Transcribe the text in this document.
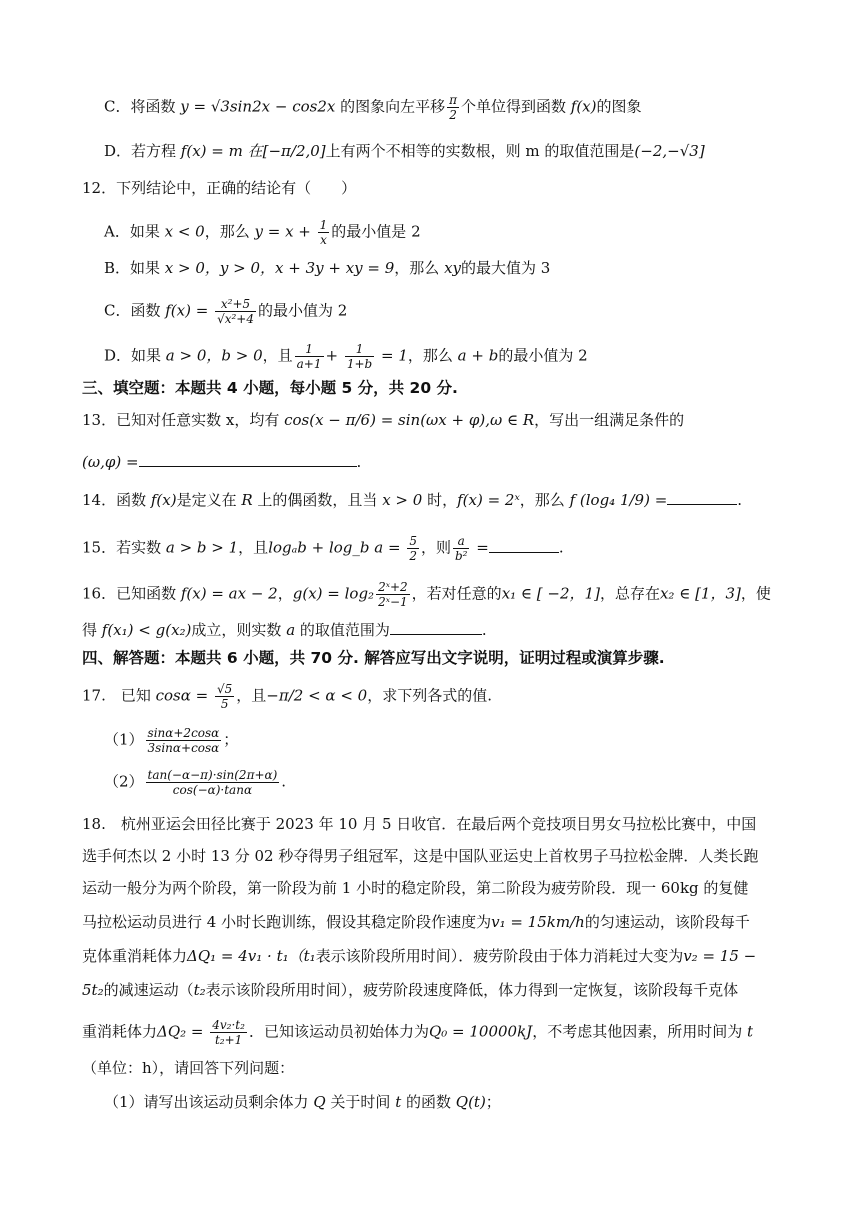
C．将函数 y = √3sin2x − cos2x 的图象向左平移 $\frac{\pi}{2}$ 个单位得到函数 f(x)的图象
D．若方程 f(x) = m 在[−π/2,0]上有两个不相等的实数根，则 m 的取值范围是(−2,−√3]
12．下列结论中，正确的结论有（　　）
A．如果 x < 0，那么 $y = x + \frac{1}{x}$ 的最小值是 2
B．如果 x > 0，y > 0，x + 3y + xy = 9，那么 xy的最大值为 3
C．函数 $f(x) = \frac{\text{x²+5}}{\text{√x²+4}}$ 的最小值为 2
D．如果 a > 0，b > 0，且 $\frac{1}{a+1} + \frac{1}{1+b} = 1$，那么 a + b的最小值为 2
三、填空题：本题共 4 小题，每小题 5 分，共 20 分.
13．已知对任意实数 x，均有 cos(x − π/6) = sin(ωx + φ),ω ∈ R，写出一组满足条件的
(ω,φ) =	.
14．函数 f(x)是定义在 R 上的偶函数，且当 x > 0 时，f(x) = 2ˣ，那么 f (log₄ 1/9) =	.
15．若实数 a > b > 1，且logₐb + log_b $a = \frac{5}{2}$ ，则 $\frac{a}{\text{b²}}$ =	.
16．已知函数 f(x) = ax − 2，$g(x) = \log_2 \frac{\text{2ˣ+2}}{\text{2ˣ−1}}$ ，若对任意的x₁ ∈ [ −2，1]，总存在x₂ ∈ [1，3]，使
得 f(x₁) < g(x₂)成立，则实数 a 的取值范围为	.
四、解答题：本题共 6 小题，共 70 分. 解答应写出文字说明，证明过程或演算步骤.
17.　已知 $\cos\alpha = \frac{√5}{5}$ ，且−π/2 < α < 0，求下列各式的值.
$(1) \frac{\sin\alpha+2\cos\alpha}{3\sin\alpha+\cos\alpha}$ ；
$(2) \frac{\tan(-\alpha-\pi)\cdot\sin(2\pi+\alpha)}{\cos(-\alpha)\cdot\tan\alpha}$ .
18.　杭州亚运会田径比赛于 2023 年 10 月 5 日收官．在最后两个竞技项目男女马拉松比赛中，中国
选手何杰以 2 小时 13 分 02 秒夺得男子组冠军，这是中国队亚运史上首枚男子马拉松金牌．人类长跑
运动一般分为两个阶段，第一阶段为前 1 小时的稳定阶段，第二阶段为疲劳阶段．现一 60kg 的复健
马拉松运动员进行 4 小时长跑训练，假设其稳定阶段作速度为v₁ = 15km/h的匀速运动，该阶段每千
克体重消耗体力ΔQ₁ = 4v₁ · t₁（t₁表示该阶段所用时间）．疲劳阶段由于体力消耗过大变为v₂ = 15 −
5t₂的减速运动（t₂表示该阶段所用时间），疲劳阶段速度降低，体力得到一定恢复，该阶段每千克体
重消耗体力$\Delta Q_2 = \frac{\text{4v₂·t₂}}{\text{t₂+1}}$ ．已知该运动员初始体力为Q₀ = 10000kJ，不考虑其他因素，所用时间为 t
（单位：h），请回答下列问题：
（1）请写出该运动员剩余体力 Q 关于时间 t 的函数 Q(t)；
